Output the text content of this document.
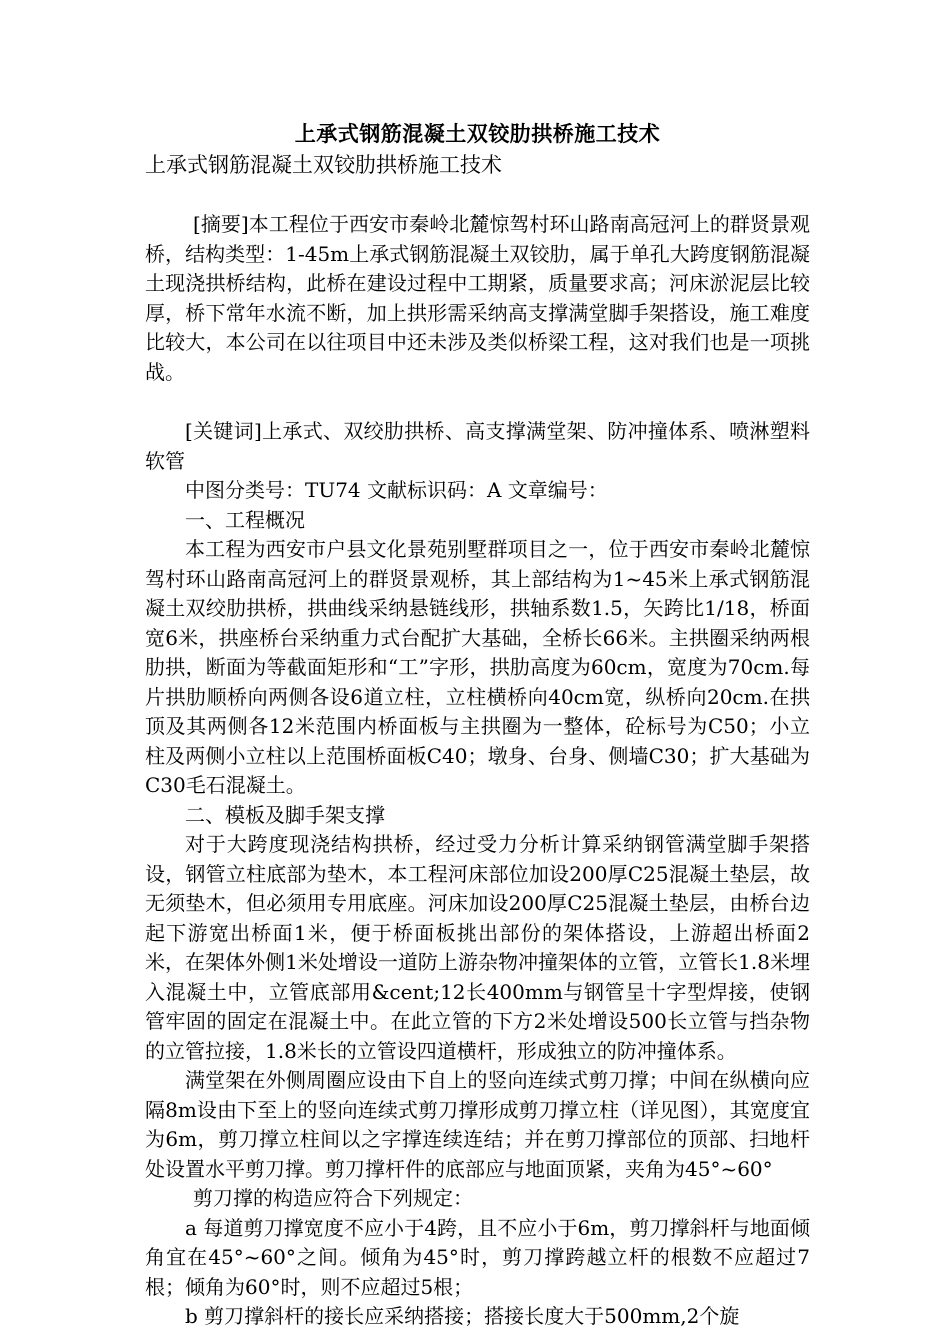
上承式钢筋混凝土双铰肋拱桥施工技术

上承式钢筋混凝土双铰肋拱桥施工技术

[摘要]本工程位于西安市秦岭北麓惊驾村环山路南高冠河上的群贤景观桥，结构类型：1-45m上承式钢筋混凝土双铰肋，属于单孔大跨度钢筋混凝土现浇拱桥结构，此桥在建设过程中工期紧，质量要求高；河床淤泥层比较厚，桥下常年水流不断，加上拱形需采纳高支撑满堂脚手架搭设，施工难度比较大，本公司在以往项目中还未涉及类似桥梁工程，这对我们也是一项挑战。

[关键词]上承式、双绞肋拱桥、高支撑满堂架、防冲撞体系、喷淋塑料软管

中图分类号：TU74 文献标识码：A 文章编号：

一、工程概况

本工程为西安市户县文化景苑别墅群项目之一，位于西安市秦岭北麓惊驾村环山路南高冠河上的群贤景观桥，其上部结构为1~45米上承式钢筋混凝土双绞肋拱桥，拱曲线采纳悬链线形，拱轴系数1.5，矢跨比1/18，桥面宽6米，拱座桥台采纳重力式台配扩大基础，全桥长66米。主拱圈采纳两根肋拱，断面为等截面矩形和“工”字形，拱肋高度为60cm，宽度为70cm.每片拱肋顺桥向两侧各设6道立柱，立柱横桥向40cm宽，纵桥向20cm.在拱顶及其两侧各12米范围内桥面板与主拱圈为一整体，砼标号为C50；小立柱及两侧小立柱以上范围桥面板C40；墩身、台身、侧墙C30；扩大基础为C30毛石混凝土。

二、模板及脚手架支撑

对于大跨度现浇结构拱桥，经过受力分析计算采纳钢管满堂脚手架搭设，钢管立柱底部为垫木，本工程河床部位加设200厚C25混凝土垫层，故无须垫木，但必须用专用底座。河床加设200厚C25混凝土垫层，由桥台边起下游宽出桥面1米，便于桥面板挑出部份的架体搭设，上游超出桥面2米，在架体外侧1米处增设一道防上游杂物冲撞架体的立管，立管长1.8米埋入混凝土中，立管底部用&cent;12长400mm与钢管呈十字型焊接，使钢管牢固的固定在混凝土中。在此立管的下方2米处增设500长立管与挡杂物的立管拉接，1.8米长的立管设四道横杆，形成独立的防冲撞体系。

满堂架在外侧周圈应设由下自上的竖向连续式剪刀撑；中间在纵横向应隔8m设由下至上的竖向连续式剪刀撑形成剪刀撑立柱（详见图），其宽度宜为6m，剪刀撑立柱间以之字撑连续连结；并在剪刀撑部位的顶部、扫地杆处设置水平剪刀撑。剪刀撑杆件的底部应与地面顶紧，夹角为45°~60°

剪刀撑的构造应符合下列规定：

a 每道剪刀撑宽度不应小于4跨，且不应小于6m，剪刀撑斜杆与地面倾角宜在45°~60°之间。倾角为45°时，剪刀撑跨越立杆的根数不应超过7根；倾角为60°时，则不应超过5根；

b 剪刀撑斜杆的接长应采纳搭接；搭接长度大于500mm,2个旋
